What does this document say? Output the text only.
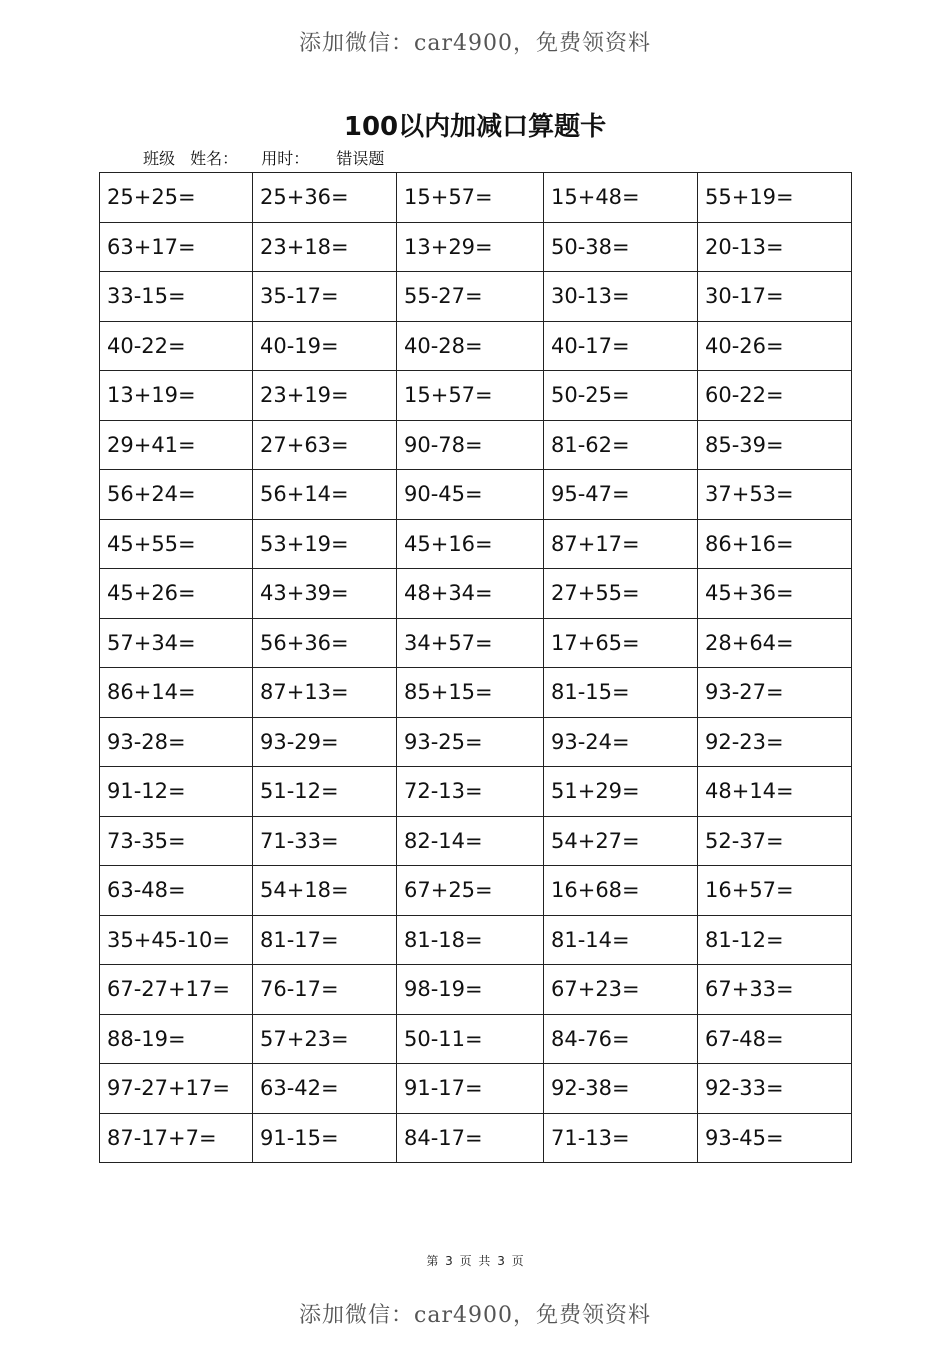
添加微信：car4900，免费领资料
100以内加减口算题卡
班级 姓名： 用时： 错误题
25+25=	25+36=	15+57=	15+48=	55+19=
63+17=	23+18=	13+29=	50-38=	20-13=
33-15=	35-17=	55-27=	30-13=	30-17=
40-22=	40-19=	40-28=	40-17=	40-26=
13+19=	23+19=	15+57=	50-25=	60-22=
29+41=	27+63=	90-78=	81-62=	85-39=
56+24=	56+14=	90-45=	95-47=	37+53=
45+55=	53+19=	45+16=	87+17=	86+16=
45+26=	43+39=	48+34=	27+55=	45+36=
57+34=	56+36=	34+57=	17+65=	28+64=
86+14=	87+13=	85+15=	81-15=	93-27=
93-28=	93-29=	93-25=	93-24=	92-23=
91-12=	51-12=	72-13=	51+29=	48+14=
73-35=	71-33=	82-14=	54+27=	52-37=
63-48=	54+18=	67+25=	16+68=	16+57=
35+45-10=	81-17=	81-18=	81-14=	81-12=
67-27+17=	76-17=	98-19=	67+23=	67+33=
88-19=	57+23=	50-11=	84-76=	67-48=
97-27+17=	63-42=	91-17=	92-38=	92-33=
87-17+7=	91-15=	84-17=	71-13=	93-45=
第 3 页 共 3 页
添加微信：car4900，免费领资料
